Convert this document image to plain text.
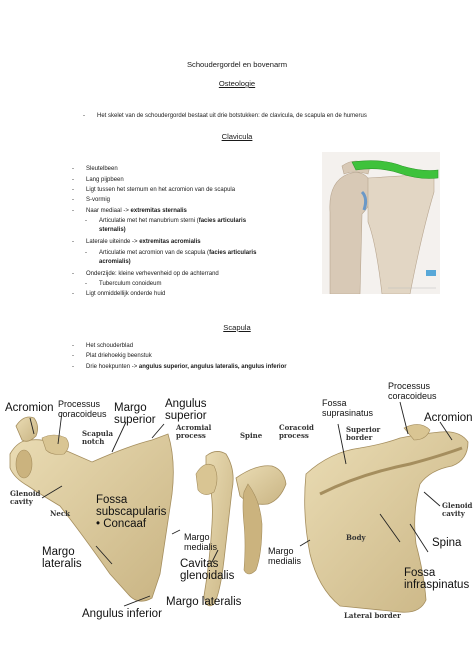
Schoudergordel en bovenarm
Osteologie
- Het skelet van de schoudergordel bestaat uit drie botstukken: de clavicula, de scapula en de humerus
Clavicula
- Sleutelbeen
- Lang pijpbeen
- Ligt tussen het sternum en het acromion van de scapula
- S-vormig
- Naar mediaal -> extremitas sternalis
- Articulatie met het manubrium sterni (facies articularis
sternalis)
- Laterale uiteinde -> extremitas acromialis
- Articulatie met acromion van de scapula (facies articularis
acromialis)
- Onderzijde: kleine verhevenheid op de achterrand
- Tuberculum conoideum
- Ligt onmiddellijk onderde huid
Scapula
- Het schouderblad
- Plat driehoekig beenstuk
- Drie hoekpunten -> angulus superior, angulus lateralis, angulus inferior
Acromion Processus
coracoideus Margo
superior
Angulus
superior
Scapula
notch
Glenoid
cavity
Neck
Fossa
subscapularis
• Concaaf
Margo
lateralis
Angulus inferior
Acromial
process	Spine
Coracoid
process
Margo
medialis
Cavitas
glenoidalis
Margo lateralis
Fossa
suprasinatus
Superior
border
Processus
coracoideus
Acromion
Glenoid
cavity
Body
Margo
medialis
Spina
Fossa
infraspinatus
Lateral border
